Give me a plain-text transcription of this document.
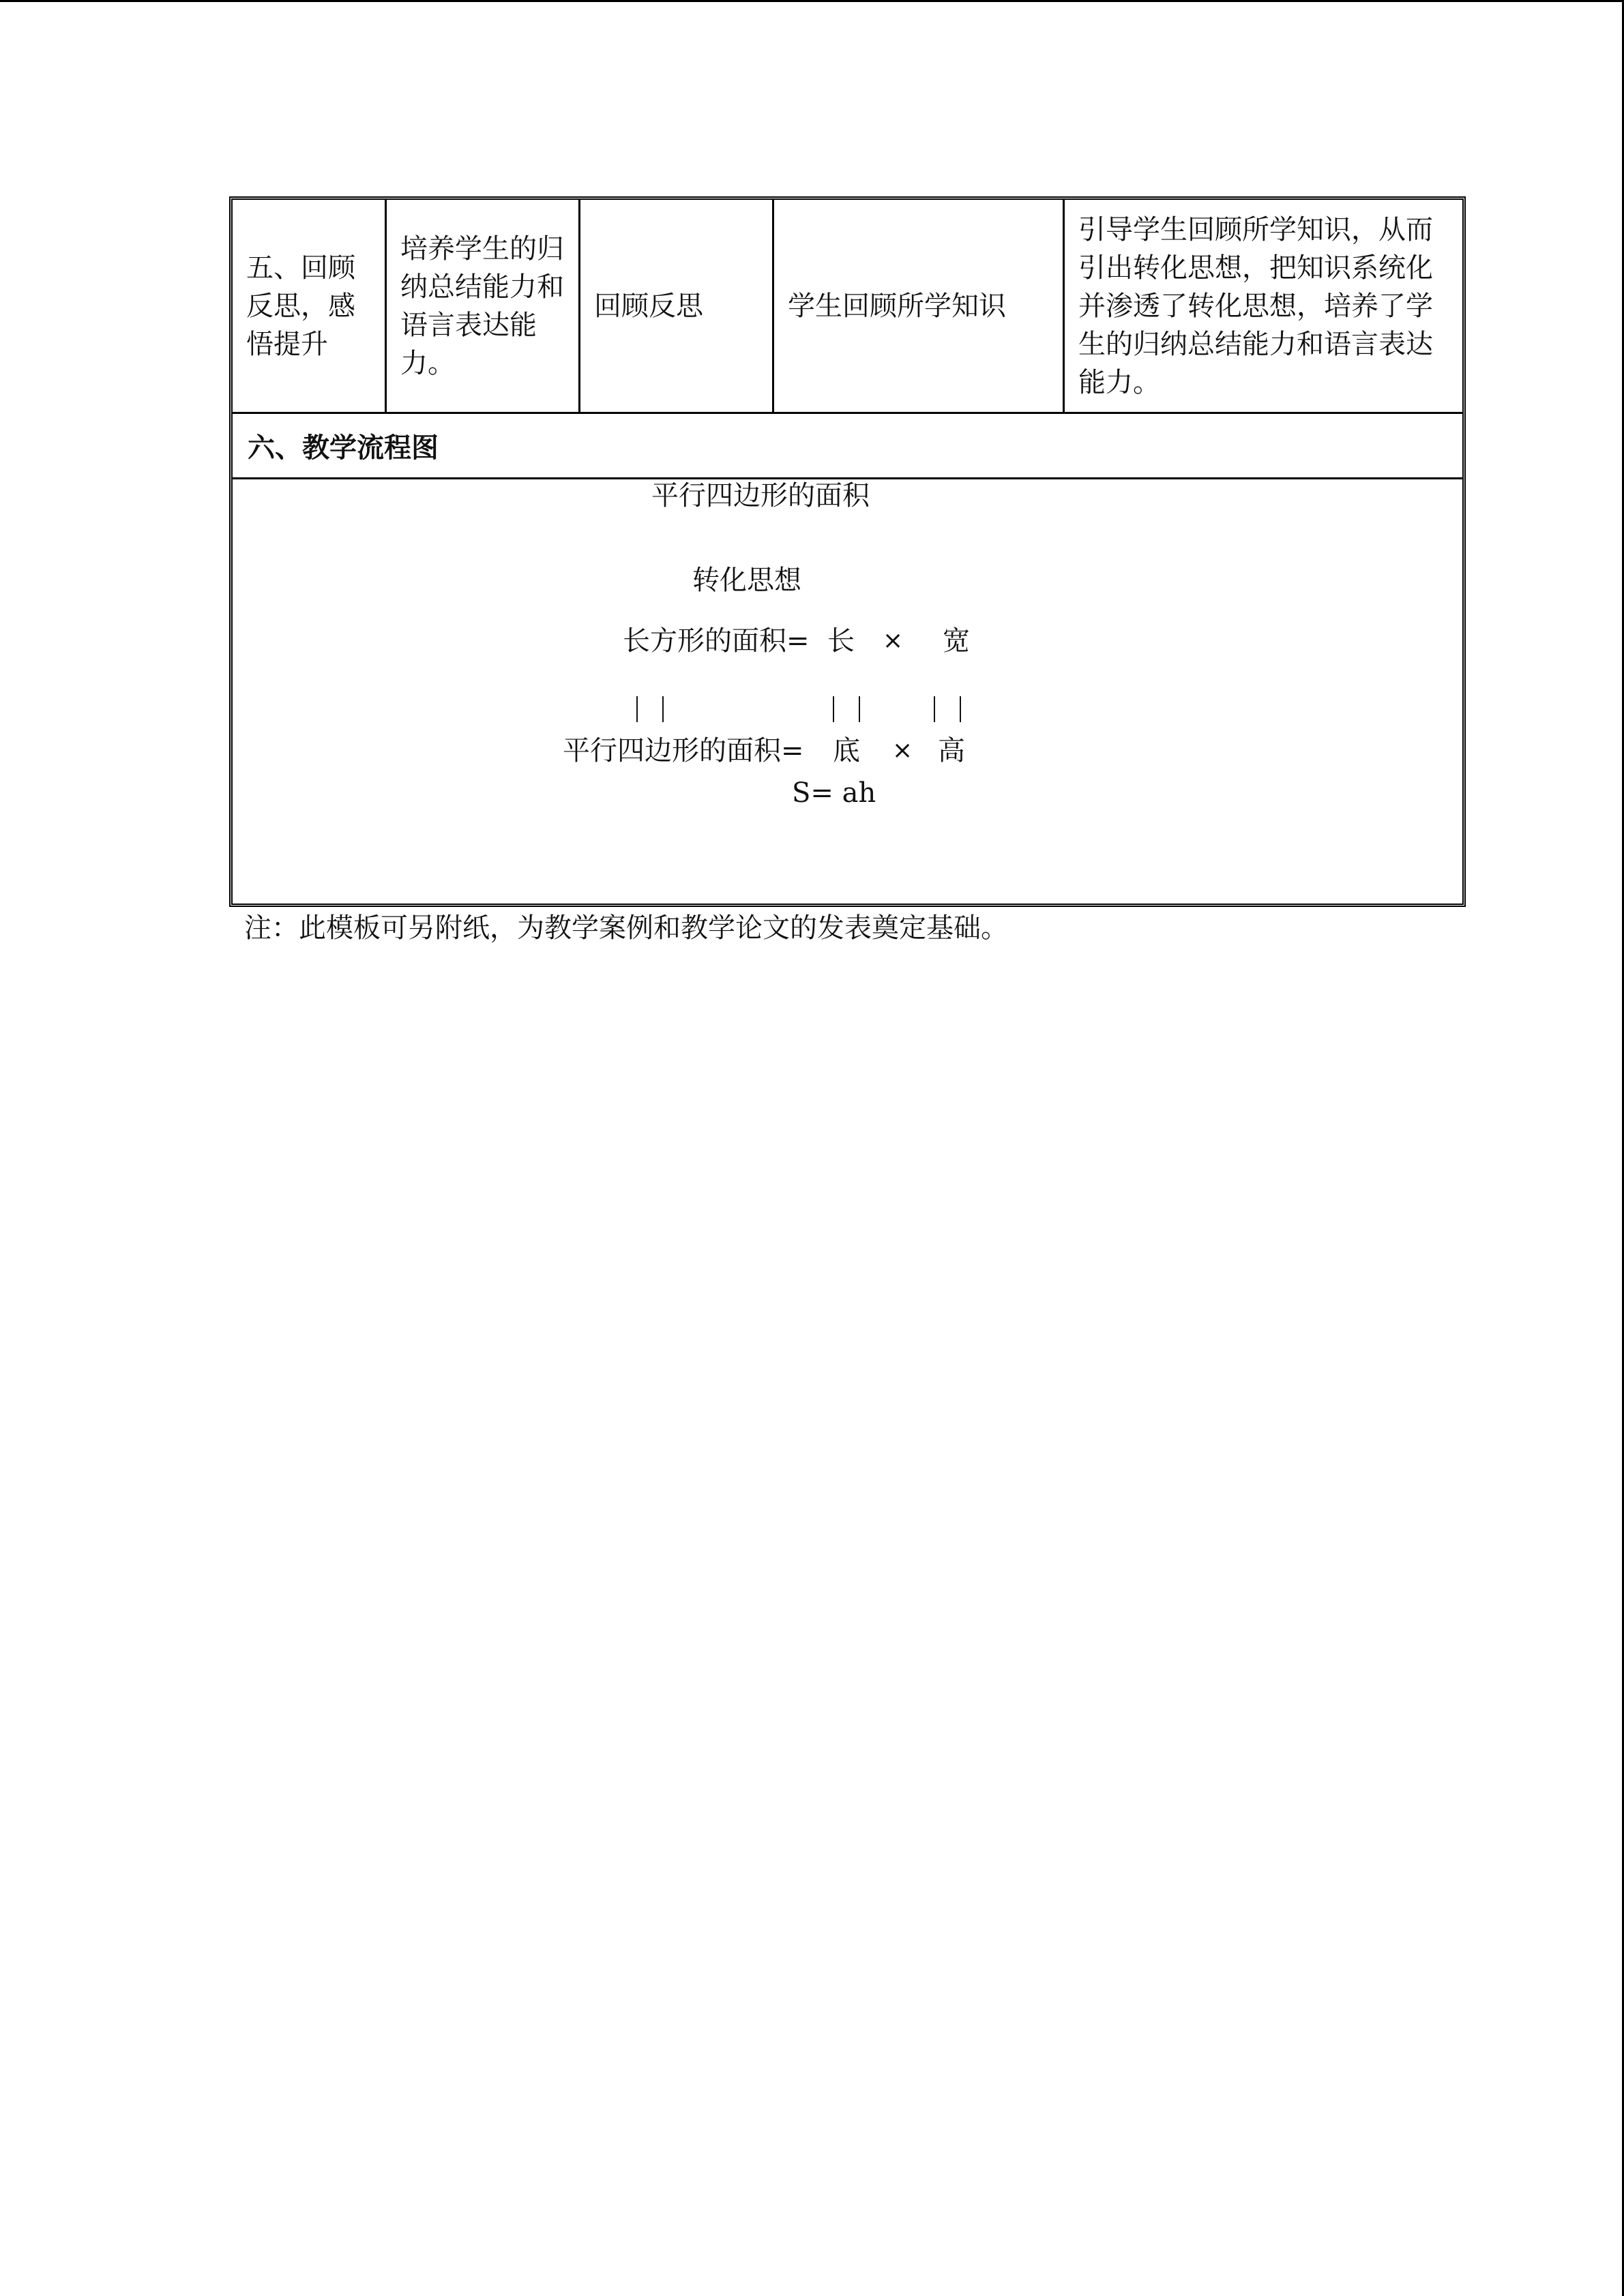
五、回顾反思，感悟提升
培养学生的归纳总结能力和语言表达能力。
回顾反思	学生回顾所学知识
引导学生回顾所学知识，从而引出转化思想，把知识系统化并渗透了转化思想，培养了学生的归纳总结能力和语言表达能力。
六、教学流程图
平行四边形的面积
转化思想
长方形的面积= 长 × 宽
平行四边形的面积= 底 × 高
S= ah
注：此模板可另附纸，为教学案例和教学论文的发表奠定基础。
